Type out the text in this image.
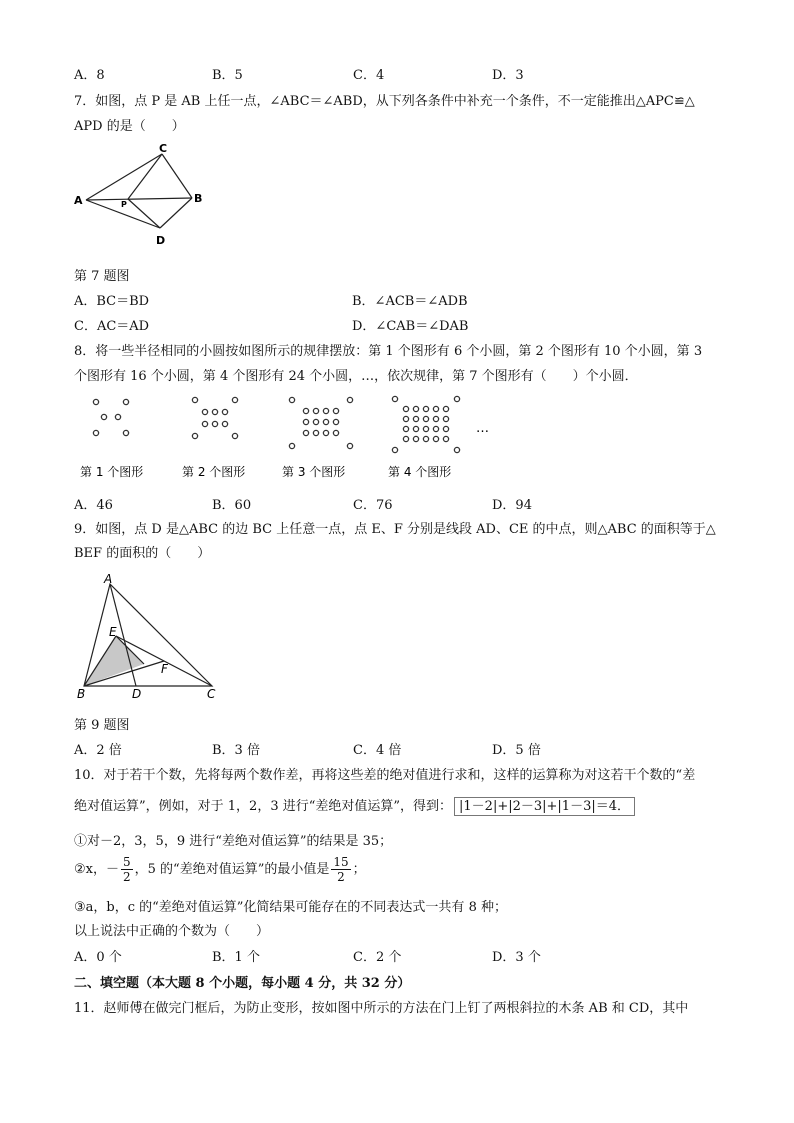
A．8	B．5	C．4	D．3
7．如图，点 P 是 AB 上任一点，∠ABC＝∠ABD，从下列各条件中补充一个条件，不一定能推出△APC≌△
APD 的是（　　）
A	B
C
D
P
第 7 题图
A．BC＝BD	B．∠ACB＝∠ADB
C．AC＝AD	D．∠CAB＝∠DAB
8．将一些半径相同的小圆按如图所示的规律摆放：第 1 个图形有 6 个小圆，第 2 个图形有 10 个小圆，第 3
个图形有 16 个小圆，第 4 个图形有 24 个小圆，…，依次规律，第 7 个图形有（　　）个小圆．
…
第 1 个图形	第 2 个图形	第 3 个图形	第 4 个图形
A．46	B．60	C．76	D．94
9．如图，点 D 是△ABC 的边 BC 上任意一点，点 E、F 分别是线段 AD、CE 的中点，则△ABC 的面积等于△
BEF 的面积的（　　）
A
B	D	C
E
F
第 9 题图
A．2 倍	B．3 倍	C．4 倍	D．5 倍
10．对于若干个数，先将每两个数作差，再将这些差的绝对值进行求和，这样的运算称为对这若干个数的“差
绝对值运算”，例如，对于 1，2，3 进行“差绝对值运算”，得到： |1－2|+|2－3|+|1－3|＝4．
①对－2，3，5，9 进行“差绝对值运算”的结果是 35；
②x，－ $\frac{5}{2}$ ，5 的“差绝对值运算”的最小值是 $\frac{15}{2}$ ；
③a，b，c 的“差绝对值运算”化简结果可能存在的不同表达式一共有 8 种；
以上说法中正确的个数为（　　）
A．0 个	B．1 个	C．2 个	D．3 个
二、填空题（本大题 8 个小题，每小题 4 分，共 32 分）
11．赵师傅在做完门框后，为防止变形，按如图中所示的方法在门上钉了两根斜拉的木条 AB 和 CD，其中
